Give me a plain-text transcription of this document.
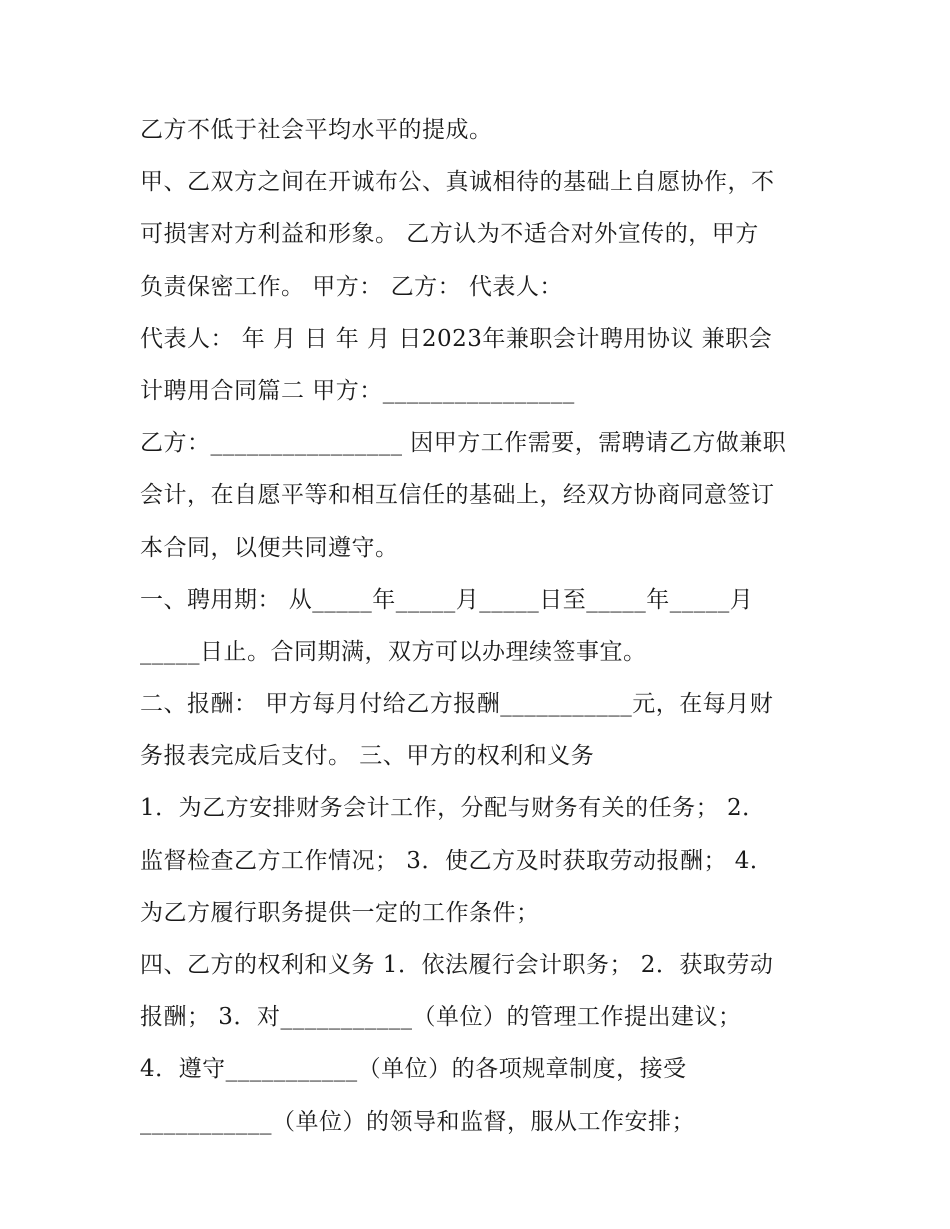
乙方不低于社会平均水平的提成。
甲、乙双方之间在开诚布公、真诚相待的基础上自愿协作，不
可损害对方利益和形象。 乙方认为不适合对外宣传的，甲方
负责保密工作。 甲方： 乙方： 代表人：
代表人： 年 月 日 年 月 日2023年兼职会计聘用协议 兼职会
计聘用合同篇二 甲方：________________
乙方：________________ 因甲方工作需要，需聘请乙方做兼职
会计，在自愿平等和相互信任的基础上，经双方协商同意签订
本合同，以便共同遵守。
一、聘用期： 从_____年_____月_____日至_____年_____月
_____日止。合同期满，双方可以办理续签事宜。
二、报酬： 甲方每月付给乙方报酬___________元，在每月财
务报表完成后支付。 三、甲方的权利和义务
1．为乙方安排财务会计工作，分配与财务有关的任务； 2．
监督检查乙方工作情况； 3．使乙方及时获取劳动报酬； 4．
为乙方履行职务提供一定的工作条件；
四、乙方的权利和义务 1．依法履行会计职务； 2．获取劳动
报酬； 3．对___________（单位）的管理工作提出建议；
4．遵守___________（单位）的各项规章制度，接受
___________（单位）的领导和监督，服从工作安排；
